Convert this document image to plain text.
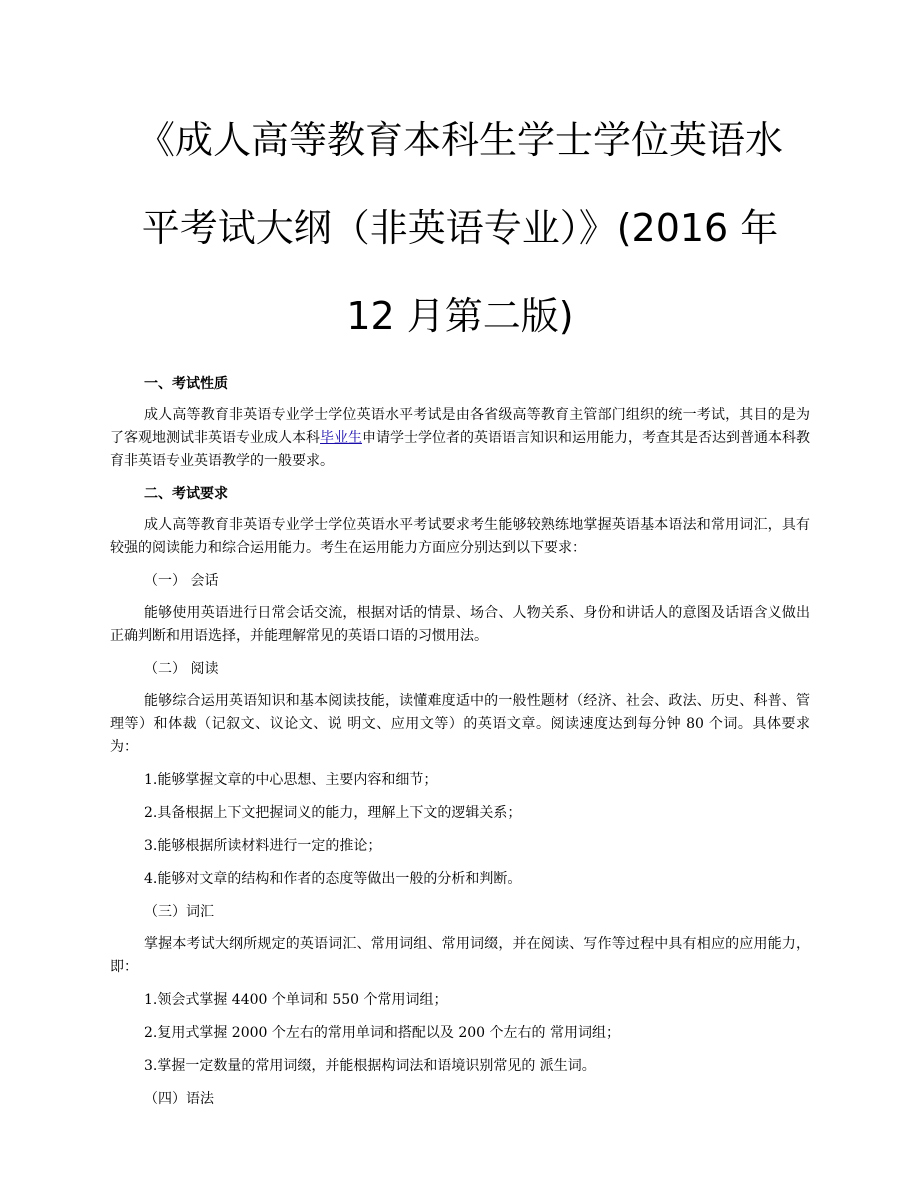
《成人高等教育本科生学士学位英语水
平考试大纲（非英语专业）》(2016 年
12 月第二版)

一、考试性质

成人高等教育非英语专业学士学位英语水平考试是由各省级高等教育主管部门组织的统一考试，其目的是为了客观地测试非英语专业成人本科毕业生申请学士学位者的英语语言知识和运用能力，考查其是否达到普通本科教育非英语专业英语教学的一般要求。

二、考试要求

成人高等教育非英语专业学士学位英语水平考试要求考生能够较熟练地掌握英语基本语法和常用词汇，具有较强的阅读能力和综合运用能力。考生在运用能力方面应分别达到以下要求：

（一） 会话

能够使用英语进行日常会话交流，根据对话的情景、场合、人物关系、身份和讲话人的意图及话语含义做出正确判断和用语选择，并能理解常见的英语口语的习惯用法。

（二） 阅读

能够综合运用英语知识和基本阅读技能，读懂难度适中的一般性题材（经济、社会、政法、历史、科普、管理等）和体裁（记叙文、议论文、说 明文、应用文等）的英语文章。阅读速度达到每分钟 80 个词。具体要求为：

1.能够掌握文章的中心思想、主要内容和细节；

2.具备根据上下文把握词义的能力，理解上下文的逻辑关系；

3.能够根据所读材料进行一定的推论；

4.能够对文章的结构和作者的态度等做出一般的分析和判断。

（三）词汇

掌握本考试大纲所规定的英语词汇、常用词组、常用词缀，并在阅读、写作等过程中具有相应的应用能力，即：

1.领会式掌握 4400 个单词和 550 个常用词组；

2.复用式掌握 2000 个左右的常用单词和搭配以及 200 个左右的 常用词组；

3.掌握一定数量的常用词缀，并能根据构词法和语境识别常见的 派生词。

（四）语法
